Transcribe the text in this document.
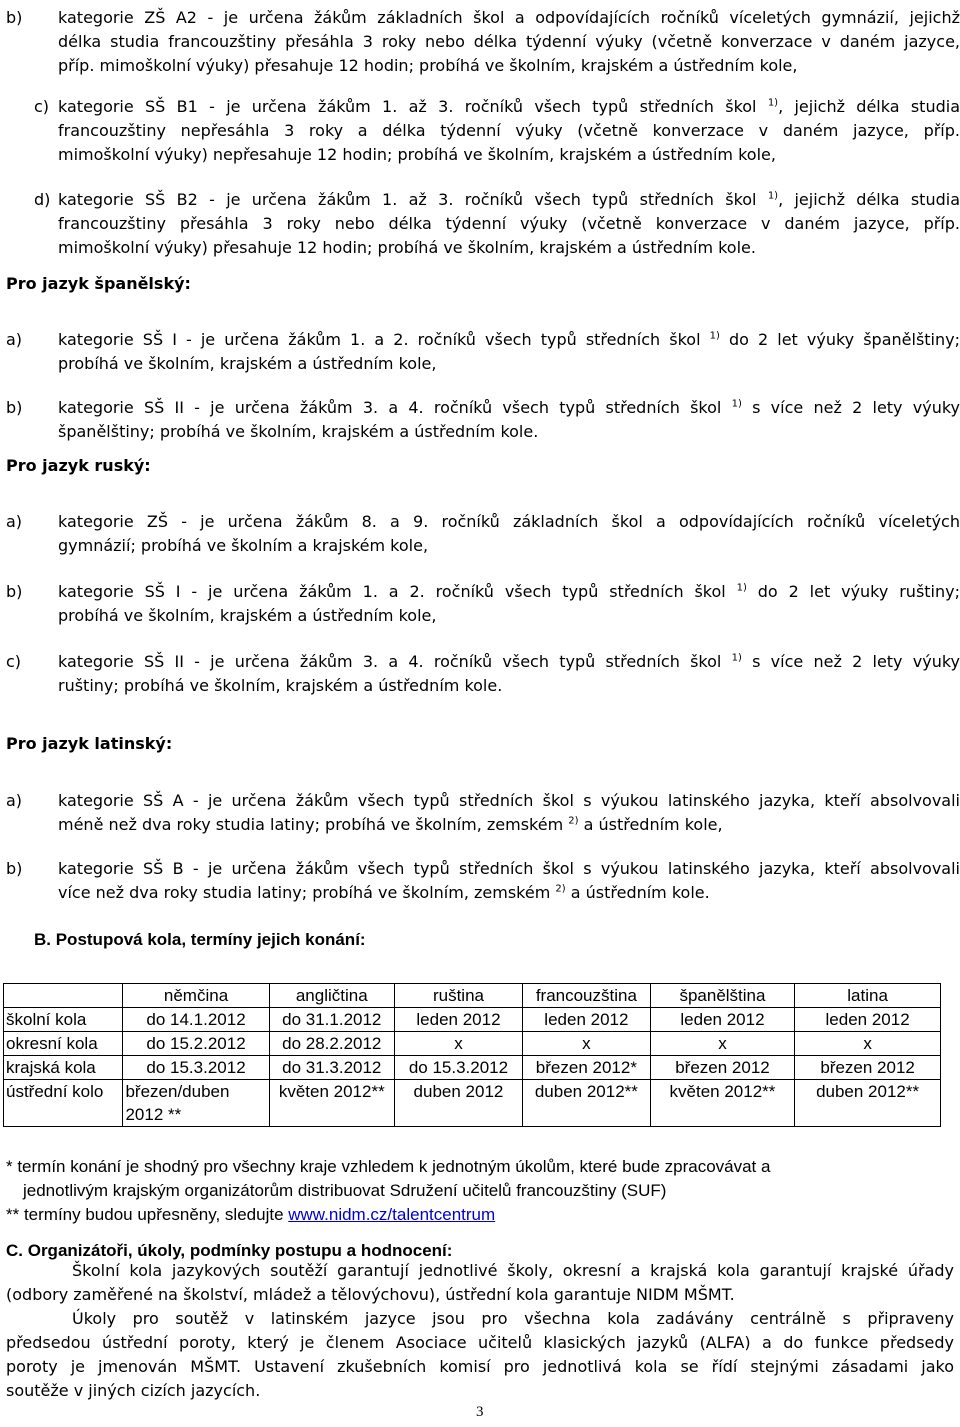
b) kategorie ZŠ A2 - je určena žákům základních škol a odpovídajících ročníků víceletých gymnázií, jejichž
délka studia francouzštiny přesáhla 3 roky nebo délka týdenní výuky (včetně konverzace v daném jazyce,
příp. mimoškolní výuky) přesahuje 12 hodin; probíhá ve školním, krajském a ústředním kole,
c) kategorie SŠ B1 - je určena žákům 1. až 3. ročníků všech typů středních škol $^{1)}$, jejichž délka studia
francouzštiny nepřesáhla 3 roky a délka týdenní výuky (včetně konverzace v daném jazyce, příp.
mimoškolní výuky) nepřesahuje 12 hodin; probíhá ve školním, krajském a ústředním kole,
d) kategorie SŠ B2 - je určena žákům 1. až 3. ročníků všech typů středních škol $^{1)}$, jejichž délka studia
francouzštiny přesáhla 3 roky nebo délka týdenní výuky (včetně konverzace v daném jazyce, příp.
mimoškolní výuky) přesahuje 12 hodin; probíhá ve školním, krajském a ústředním kole.
Pro jazyk španělský:
a) kategorie SŠ I - je určena žákům 1. a 2. ročníků všech typů středních škol $^{1)}$ do 2 let výuky španělštiny;
probíhá ve školním, krajském a ústředním kole,
b) kategorie SŠ II - je určena žákům 3. a 4. ročníků všech typů středních škol $^{1)}$ s více než 2 lety výuky
španělštiny; probíhá ve školním, krajském a ústředním kole.
Pro jazyk ruský:
a) kategorie ZŠ - je určena žákům 8. a 9. ročníků základních škol a odpovídajících ročníků víceletých
gymnázií; probíhá ve školním a krajském kole,
b) kategorie SŠ I - je určena žákům 1. a 2. ročníků všech typů středních škol $^{1)}$ do 2 let výuky ruštiny;
probíhá ve školním, krajském a ústředním kole,
c) kategorie SŠ II - je určena žákům 3. a 4. ročníků všech typů středních škol $^{1)}$ s více než 2 lety výuky
ruštiny; probíhá ve školním, krajském a ústředním kole.
Pro jazyk latinský:
a) kategorie SŠ A - je určena žákům všech typů středních škol s výukou latinského jazyka, kteří absolvovali
méně než dva roky studia latiny; probíhá ve školním, zemském $^{2)}$ a ústředním kole,
b) kategorie SŠ B - je určena žákům všech typů středních škol s výukou latinského jazyka, kteří absolvovali
více než dva roky studia latiny; probíhá ve školním, zemském $^{2)}$ a ústředním kole.
B. Postupová kola, termíny jejich konání:
	němčina	angličtina	ruština	francouzština	španělština	latina
školní kola	do 14.1.2012	do 31.1.2012	leden 2012	leden 2012	leden 2012	leden 2012
okresní kola	do 15.2.2012	do 28.2.2012	x	x	x	x
krajská kola	do 15.3.2012	do 31.3.2012	do 15.3.2012	březen 2012*	březen 2012	březen 2012
ústřední kolo	březen/duben 2012 **	květen 2012**	duben 2012	duben 2012**	květen 2012**	duben 2012**
* termín konání je shodný pro všechny kraje vzhledem k jednotným úkolům, které bude zpracovávat a
jednotlivým krajským organizátorům distribuovat Sdružení učitelů francouzštiny (SUF)
** termíny budou upřesněny, sledujte www.nidm.cz/talentcentrum
C. Organizátoři, úkoly, podmínky postupu a hodnocení:
Školní kola jazykových soutěží garantují jednotlivé školy, okresní a krajská kola garantují krajské úřady
(odbory zaměřené na školství, mládež a tělovýchovu), ústřední kola garantuje NIDM MŠMT.
Úkoly pro soutěž v latinském jazyce jsou pro všechna kola zadávány centrálně s připraveny
předsedou ústřední poroty, který je členem Asociace učitelů klasických jazyků (ALFA) a do funkce předsedy
poroty je jmenován MŠMT. Ustavení zkušebních komisí pro jednotlivá kola se řídí stejnými zásadami jako
soutěže v jiných cizích jazycích.
3
